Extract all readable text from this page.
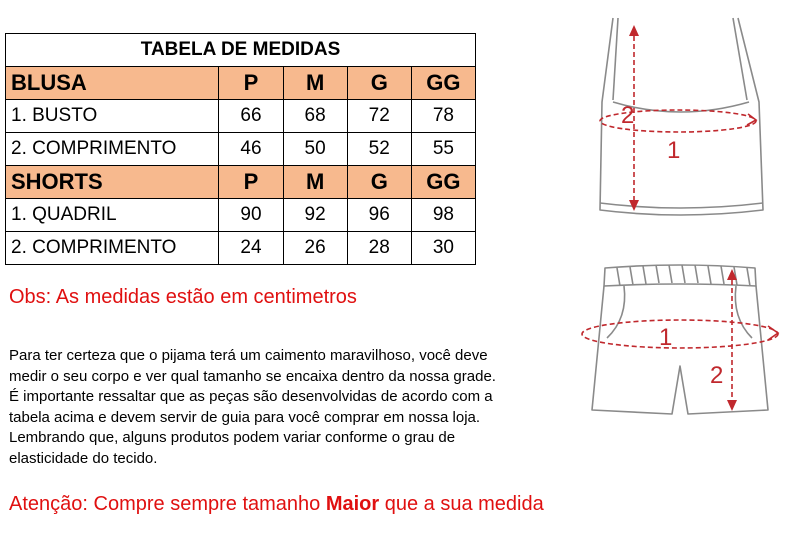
TABELA DE MEDIDAS				
BLUSA	P	M	G	GG
1. BUSTO	66	68	72	78
2. COMPRIMENTO	46	50	52	55
SHORTS	P	M	G	GG
1. QUADRIL	90	92	96	98
2. COMPRIMENTO	24	26	28	30

Obs: As medidas estão em centimetros

Para ter certeza que o pijama terá um caimento maravilhoso, você deve
medir o seu corpo e ver qual tamanho se encaixa dentro da nossa grade.
É importante ressaltar que as peças são desenvolvidas de acordo com a
tabela acima e devem servir de guia para você comprar em nossa loja.
Lembrando que, alguns produtos podem variar conforme o grau de
elasticidade do tecido.

Atenção: Compre sempre tamanho Maior que a sua medida

2
1
1
2
